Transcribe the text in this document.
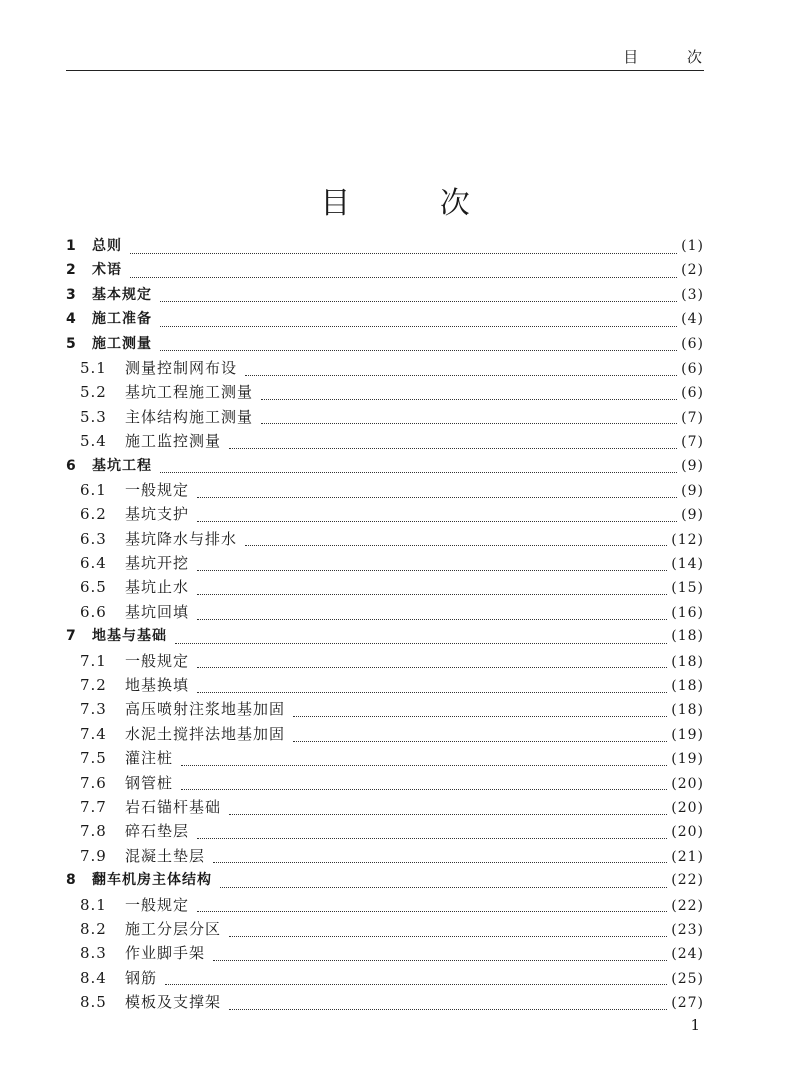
目 次
目 次
1	总则	(1)
2	术语	(2)
3	基本规定	(3)
4	施工准备	(4)
5	施工测量	(6)
5.1	测量控制网布设	(6)
5.2	基坑工程施工测量	(6)
5.3	主体结构施工测量	(7)
5.4	施工监控测量	(7)
6	基坑工程	(9)
6.1	一般规定	(9)
6.2	基坑支护	(9)
6.3	基坑降水与排水	(12)
6.4	基坑开挖	(14)
6.5	基坑止水	(15)
6.6	基坑回填	(16)
7	地基与基础	(18)
7.1	一般规定	(18)
7.2	地基换填	(18)
7.3	高压喷射注浆地基加固	(18)
7.4	水泥土搅拌法地基加固	(19)
7.5	灌注桩	(19)
7.6	钢管桩	(20)
7.7	岩石锚杆基础	(20)
7.8	碎石垫层	(20)
7.9	混凝土垫层	(21)
8	翻车机房主体结构	(22)
8.1	一般规定	(22)
8.2	施工分层分区	(23)
8.3	作业脚手架	(24)
8.4	钢筋	(25)
8.5	模板及支撑架	(27)
1
